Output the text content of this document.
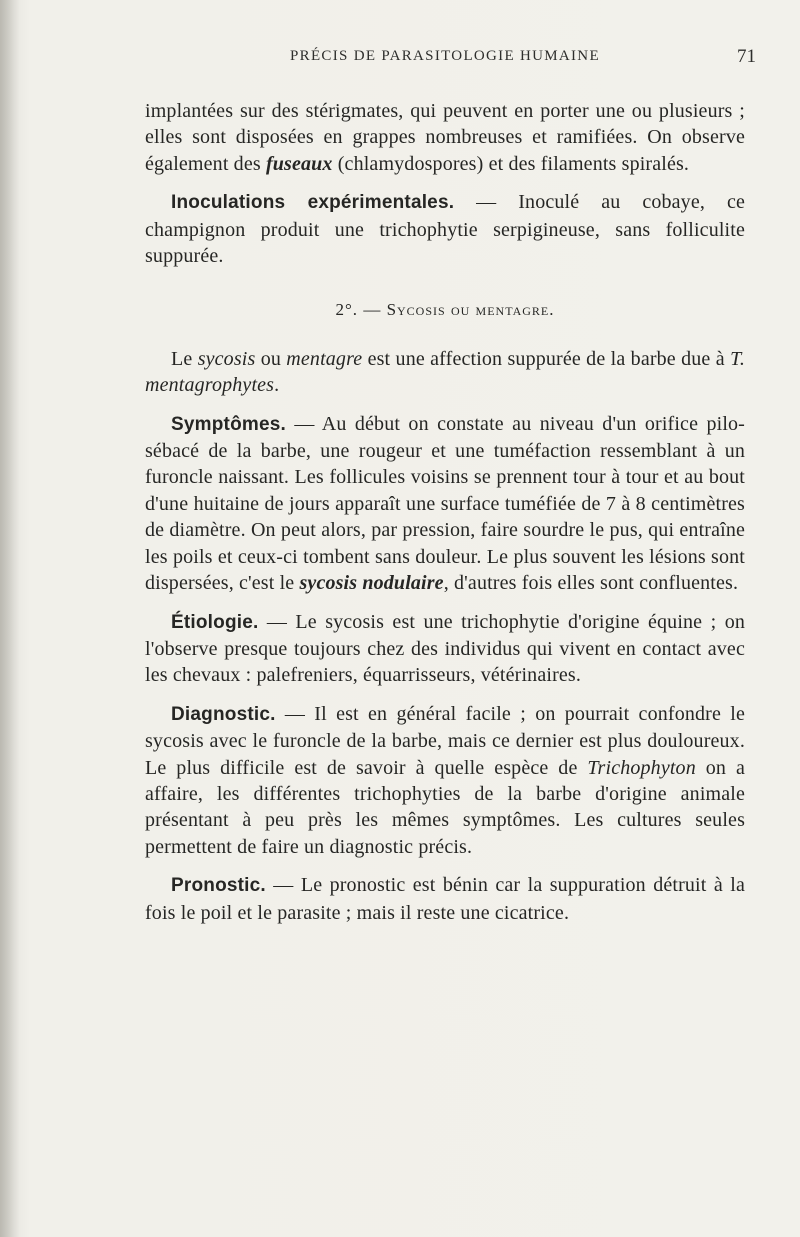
PRÉCIS DE PARASITOLOGIE HUMAINE	71

implantées sur des stérigmates, qui peuvent en porter une ou plusieurs ; elles sont disposées en grappes nombreuses et ramifiées. On observe également des fuseaux (chlamydospores) et des filaments spiralés.

Inoculations expérimentales. — Inoculé au cobaye, ce champignon produit une trichophytie serpigineuse, sans folliculite suppurée.

2°. — Sycosis ou mentagre.

Le sycosis ou mentagre est une affection suppurée de la barbe due à T. mentagrophytes.

Symptômes. — Au début on constate au niveau d'un orifice pilo-sébacé de la barbe, une rougeur et une tuméfaction ressemblant à un furoncle naissant. Les follicules voisins se prennent tour à tour et au bout d'une huitaine de jours apparaît une surface tuméfiée de 7 à 8 centimètres de diamètre. On peut alors, par pression, faire sourdre le pus, qui entraîne les poils et ceux-ci tombent sans douleur. Le plus souvent les lésions sont dispersées, c'est le sycosis nodulaire, d'autres fois elles sont confluentes.

Étiologie. — Le sycosis est une trichophytie d'origine équine ; on l'observe presque toujours chez des individus qui vivent en contact avec les chevaux : palefreniers, équarrisseurs, vétérinaires.

Diagnostic. — Il est en général facile ; on pourrait confondre le sycosis avec le furoncle de la barbe, mais ce dernier est plus douloureux. Le plus difficile est de savoir à quelle espèce de Trichophyton on a affaire, les différentes trichophyties de la barbe d'origine animale présentant à peu près les mêmes symptômes. Les cultures seules permettent de faire un diagnostic précis.

Pronostic. — Le pronostic est bénin car la suppuration détruit à la fois le poil et le parasite ; mais il reste une cicatrice.
